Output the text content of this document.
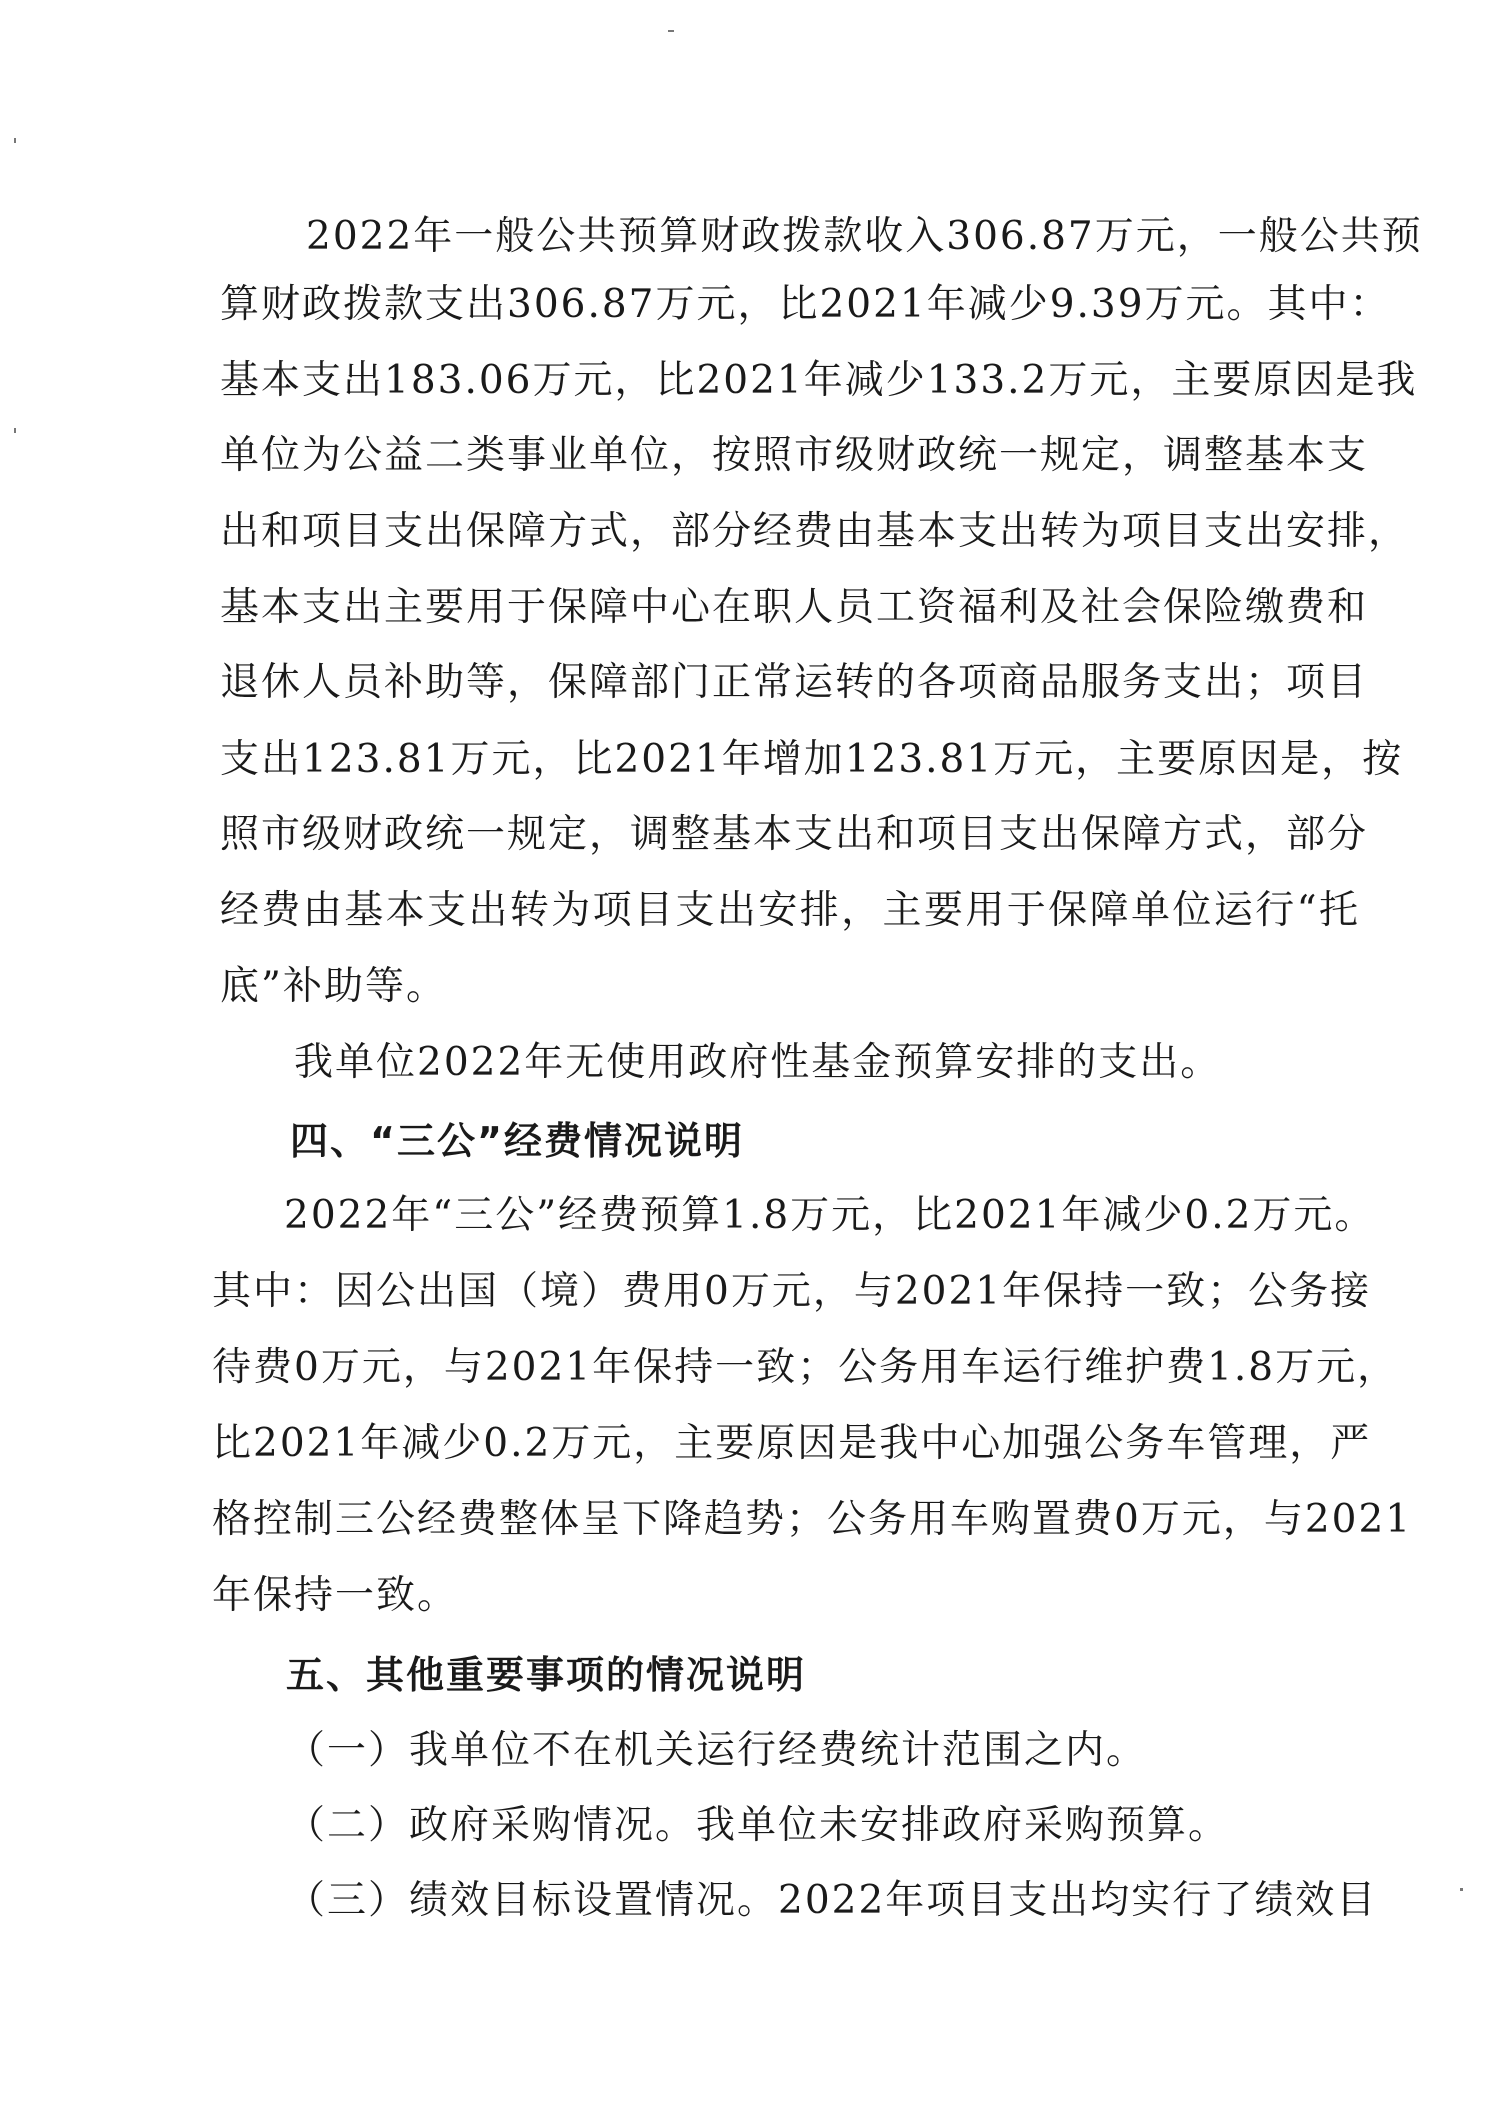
2022年一般公共预算财政拨款收入306.87万元，一般公共预
算财政拨款支出306.87万元，比2021年减少9.39万元。其中：
基本支出183.06万元，比2021年减少133.2万元，主要原因是我
单位为公益二类事业单位，按照市级财政统一规定，调整基本支
出和项目支出保障方式，部分经费由基本支出转为项目支出安排，
基本支出主要用于保障中心在职人员工资福利及社会保险缴费和
退休人员补助等，保障部门正常运转的各项商品服务支出；项目
支出123.81万元，比2021年增加123.81万元，主要原因是，按
照市级财政统一规定，调整基本支出和项目支出保障方式，部分
经费由基本支出转为项目支出安排，主要用于保障单位运行“托
底”补助等。
我单位2022年无使用政府性基金预算安排的支出。
四、“三公”经费情况说明
2022年“三公”经费预算1.8万元，比2021年减少0.2万元。
其中：因公出国（境）费用0万元，与2021年保持一致；公务接
待费0万元，与2021年保持一致；公务用车运行维护费1.8万元，
比2021年减少0.2万元，主要原因是我中心加强公务车管理，严
格控制三公经费整体呈下降趋势；公务用车购置费0万元，与2021
年保持一致。
五、其他重要事项的情况说明
（一）我单位不在机关运行经费统计范围之内。
（二）政府采购情况。我单位未安排政府采购预算。
（三）绩效目标设置情况。2022年项目支出均实行了绩效目
